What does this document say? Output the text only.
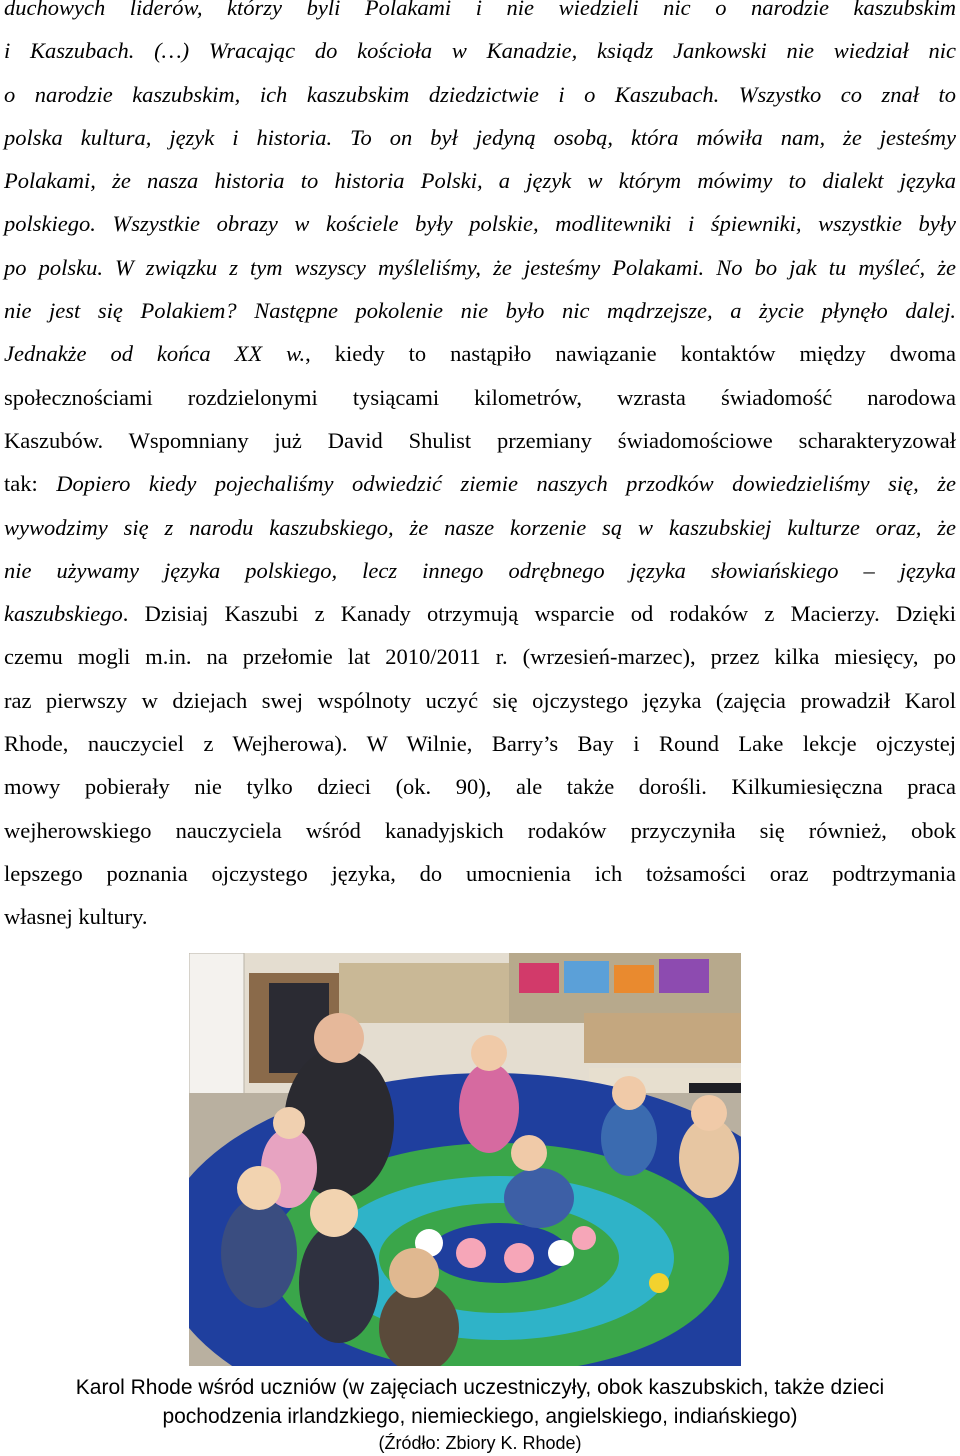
duchowych liderów, którzy byli Polakami i nie wiedzieli nic o narodzie kaszubskim
i Kaszubach. (…) Wracając do kościoła w Kanadzie, ksiądz Jankowski nie wiedział nic
o narodzie kaszubskim, ich kaszubskim dziedzictwie i o Kaszubach. Wszystko co znał to
polska kultura, język i historia. To on był jedyną osobą, która mówiła nam, że jesteśmy
Polakami, że nasza historia to historia Polski, a język w którym mówimy to dialekt języka
polskiego. Wszystkie obrazy w kościele były polskie, modlitewniki i śpiewniki, wszystkie były
po polsku. W związku z tym wszyscy myśleliśmy, że jesteśmy Polakami. No bo jak tu myśleć, że
nie jest się Polakiem? Następne pokolenie nie było nic mądrzejsze, a życie płynęło dalej.
Jednakże od końca XX w., kiedy to nastąpiło nawiązanie kontaktów między dwoma
społecznościami rozdzielonymi tysiącami kilometrów, wzrasta świadomość narodowa
Kaszubów. Wspomniany już David Shulist przemiany świadomościowe scharakteryzował
tak: Dopiero kiedy pojechaliśmy odwiedzić ziemie naszych przodków dowiedzieliśmy się, że
wywodzimy się z narodu kaszubskiego, że nasze korzenie są w kaszubskiej kulturze oraz, że
nie używamy języka polskiego, lecz innego odrębnego języka słowiańskiego – języka
kaszubskiego. Dzisiaj Kaszubi z Kanady otrzymują wsparcie od rodaków z Macierzy. Dzięki
czemu mogli m.in. na przełomie lat 2010/2011 r. (wrzesień-marzec), przez kilka miesięcy, po
raz pierwszy w dziejach swej wspólnoty uczyć się ojczystego języka (zajęcia prowadził Karol
Rhode, nauczyciel z Wejherowa). W Wilnie, Barry’s Bay i Round Lake lekcje ojczystej
mowy pobierały nie tylko dzieci (ok. 90), ale także dorośli. Kilkumiesięczna praca
wejherowskiego nauczyciela wśród kanadyjskich rodaków przyczyniła się również, obok
lepszego poznania ojczystego języka, do umocnienia ich tożsamości oraz podtrzymania
własnej kultury.
Karol Rhode wśród uczniów (w zajęciach uczestniczyły, obok kaszubskich, także dzieci
pochodzenia irlandzkiego, niemieckiego, angielskiego, indiańskiego)
(Źródło: Zbiory K. Rhode)
